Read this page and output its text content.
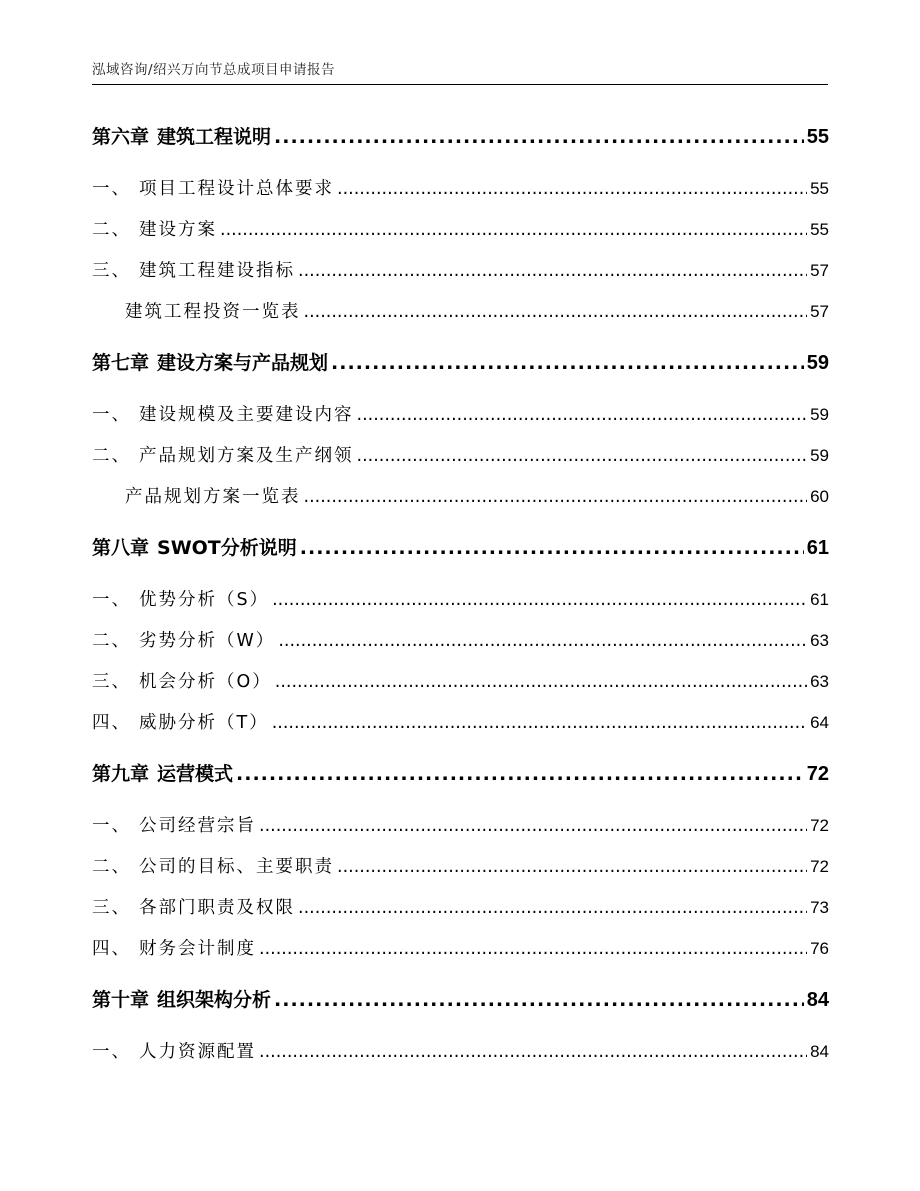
泓域咨询/绍兴万向节总成项目申请报告
第六章 建筑工程说明 .....	55
一、 项目工程设计总体要求 .....	55
二、 建设方案 .....	55
三、 建筑工程建设指标 .....	57
建筑工程投资一览表 .....	57
第七章 建设方案与产品规划 .....	59
一、 建设规模及主要建设内容 .....	59
二、 产品规划方案及生产纲领 .....	59
产品规划方案一览表 .....	60
第八章 SWOT分析说明 .....	61
一、 优势分析（S） .....	61
二、 劣势分析（W） .....	63
三、 机会分析（O） .....	63
四、 威胁分析（T） .....	64
第九章 运营模式 .....	72
一、 公司经营宗旨 .....	72
二、 公司的目标、主要职责 .....	72
三、 各部门职责及权限 .....	73
四、 财务会计制度 .....	76
第十章 组织架构分析 .....	84
一、 人力资源配置 .....	84
